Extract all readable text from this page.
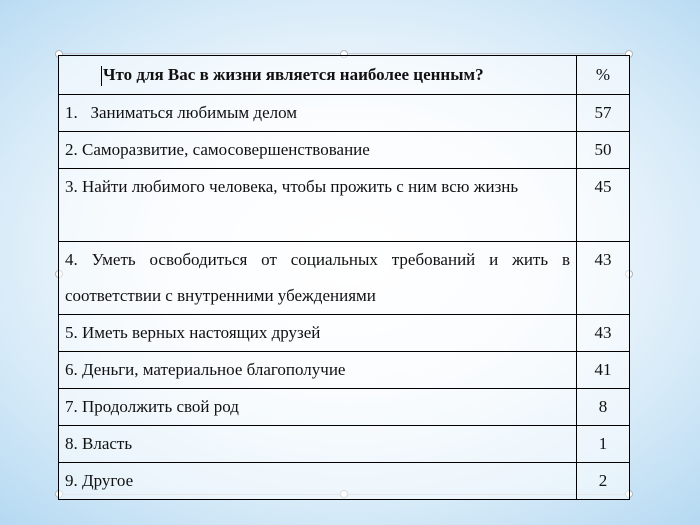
Что для Вас в жизни является наиболее ценным?	%
1.   Заниматься любимым делом	57
2. Саморазвитие, самосовершенствование	50
3. Найти любимого человека, чтобы прожить с ним всю жизнь	45
4. Уметь освободиться от социальных требований и жить в соответствии с внутренними убеждениями	43
5. Иметь верных настоящих друзей	43
6. Деньги, материальное благополучие	41
7. Продолжить свой род	8
8. Власть	1
9. Другое	2
